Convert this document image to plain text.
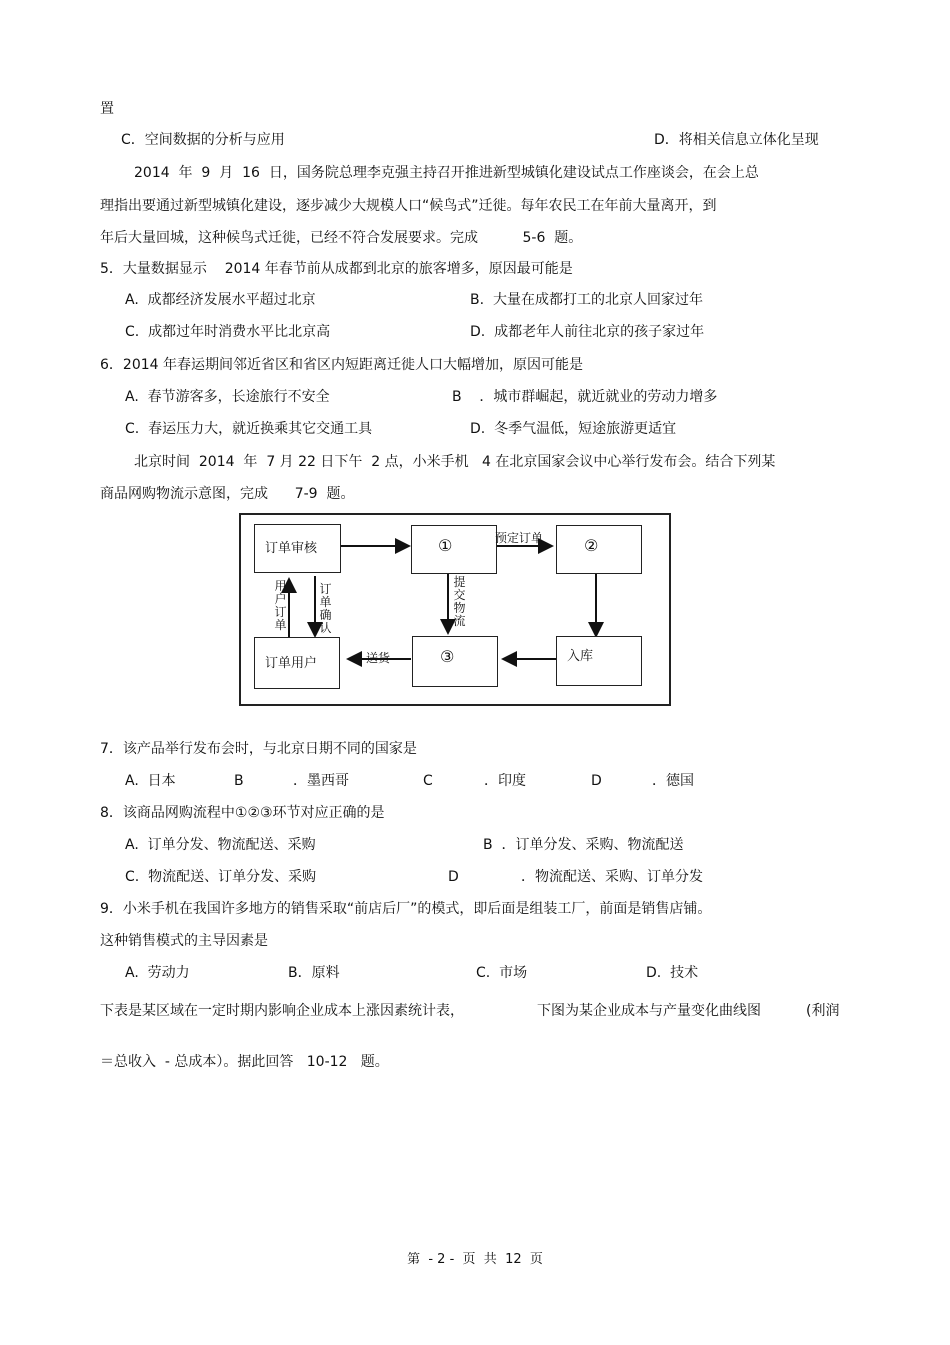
置
C．空间数据的分析与应用	D．将相关信息立体化呈现
2014  年  9  月  16  日，国务院总理李克强主持召开推进新型城镇化建设试点工作座谈会，在会上总
理指出要通过新型城镇化建设，逐步减少大规模人口“候鸟式”迁徙。每年农民工在年前大量离开，到
年后大量回城，这种候鸟式迁徙，已经不符合发展要求。完成          5-6  题。
5．大量数据显示    2014 年春节前从成都到北京的旅客增多，原因最可能是
A.  成都经济发展水平超过北京	B.  大量在成都打工的北京人回家过年
C.  成都过年时消费水平比北京高	D.  成都老年人前往北京的孩子家过年
6．2014 年春运期间邻近省区和省区内短距离迁徙人口大幅增加，原因可能是
A.  春节游客多，长途旅行不安全	B    ．城市群崛起，就近就业的劳动力增多
C.  春运压力大，就近换乘其它交通工具	D.  冬季气温低，短途旅游更适宜
北京时间  2014  年  7 月 22 日下午  2 点，小米手机   4 在北京国家会议中心举行发布会。结合下列某
商品网购物流示意图，完成      7-9  题。
订单审核	①	②
入库
③
订单用户
预定订单
提交物流
送货
用户订单
订单确认
7．该产品举行发布会时，与北京日期不同的国家是
A.  日本	B	．墨西哥	C	．印度	D	．德国
8．该商品网购流程中①②③环节对应正确的是
A.  订单分发、物流配送、采购	B  ．订单分发、采购、物流配送
C.  物流配送、订单分发、采购	D	．物流配送、采购、订单分发
9．小米手机在我国许多地方的销售采取“前店后厂”的模式，即后面是组装工厂，前面是销售店铺。
这种销售模式的主导因素是
A.  劳动力	B．原料	C.  市场	D.  技术
下表是某区域在一定时期内影响企业成本上涨因素统计表，	下图为某企业成本与产量变化曲线图	(利润
＝总收入  - 总成本）。据此回答   10-12   题。
第  - 2 -  页  共  12  页
